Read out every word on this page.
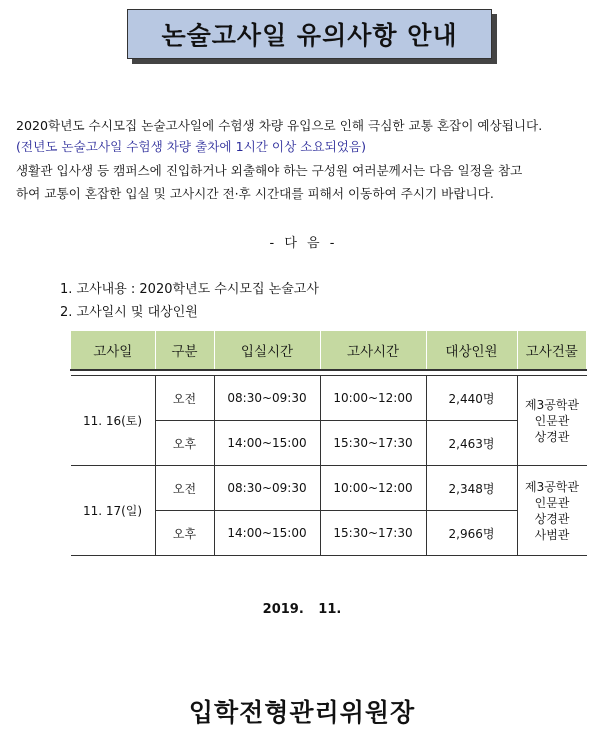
논술고사일 유의사항 안내
2020학년도 수시모집 논술고사일에 수험생 차량 유입으로 인해 극심한 교통 혼잡이 예상됩니다.
(전년도 논술고사일 수험생 차량 출차에 1시간 이상 소요되었음)
생활관 입사생 등 캠퍼스에 진입하거나 외출해야 하는 구성원 여러분께서는 다음 일정을 참고
하여 교통이 혼잡한 입실 및 고사시간 전·후 시간대를 피해서 이동하여 주시기 바랍니다.
- 다 음 -
1. 고사내용 : 2020학년도 수시모집 논술고사
2. 고사일시 및 대상인원
고사일	구분	입실시간	고사시간	대상인원	고사건물

11. 16(토)	오전	08:30~09:30	10:00~12:00	2,440명	제3공학관
인문관
상경관

	오후	14:00~15:00	15:30~17:30	2,463명	
11. 17(일)	오전	08:30~09:30	10:00~12:00	2,348명	제3공학관
인문관
상경관
사범관

	오후	14:00~15:00	15:30~17:30	2,966명	
2019. 11.
입학전형관리위원장
